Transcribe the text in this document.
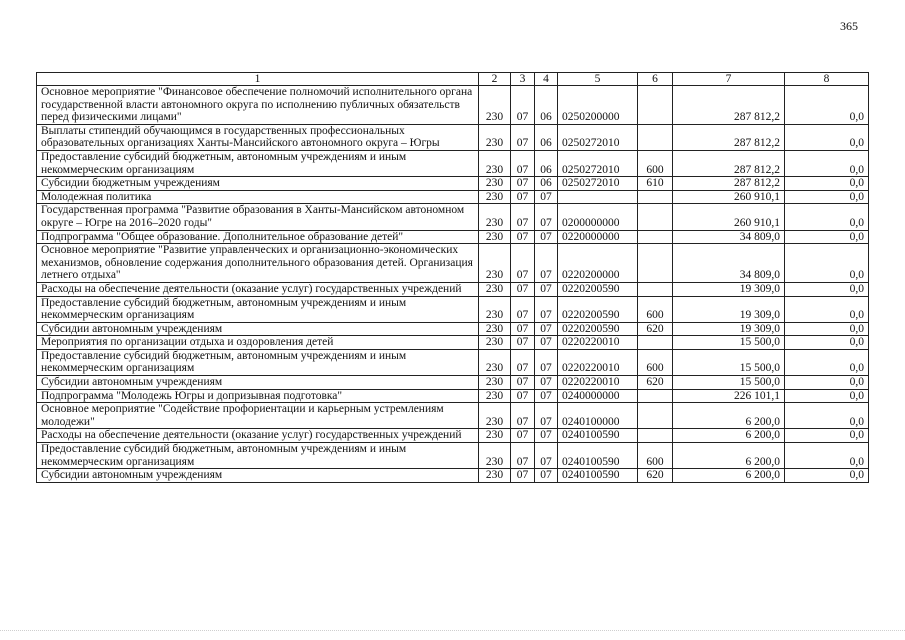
365
1	2	3	4	5	6	7	8
Основное мероприятие "Финансовое обеспечение полномочий исполнительного органа государственной власти автономного округа по исполнению публичных обязательств перед физическими лицами"	230	07	06	0250200000		287 812,2	0,0
Выплаты стипендий обучающимся в государственных профессиональных образовательных организациях Ханты-Мансийского автономного округа – Югры	230	07	06	0250272010		287 812,2	0,0
Предоставление субсидий бюджетным, автономным учреждениям и иным некоммерческим организациям	230	07	06	0250272010	600	287 812,2	0,0
Субсидии бюджетным учреждениям	230	07	06	0250272010	610	287 812,2	0,0
Молодежная политика	230	07	07			260 910,1	0,0
Государственная программа "Развитие образования в Ханты-Мансийском автономном округе – Югре на 2016–2020 годы"	230	07	07	0200000000		260 910,1	0,0
Подпрограмма "Общее образование. Дополнительное образование детей"	230	07	07	0220000000		34 809,0	0,0
Основное мероприятие "Развитие управленческих и организационно-экономических механизмов, обновление содержания дополнительного образования детей. Организация летнего отдыха"	230	07	07	0220200000		34 809,0	0,0
Расходы на обеспечение деятельности (оказание услуг) государственных учреждений	230	07	07	0220200590		19 309,0	0,0
Предоставление субсидий бюджетным, автономным учреждениям и иным некоммерческим организациям	230	07	07	0220200590	600	19 309,0	0,0
Субсидии автономным учреждениям	230	07	07	0220200590	620	19 309,0	0,0
Мероприятия по организации отдыха и оздоровления детей	230	07	07	0220220010		15 500,0	0,0
Предоставление субсидий бюджетным, автономным учреждениям и иным некоммерческим организациям	230	07	07	0220220010	600	15 500,0	0,0
Субсидии автономным учреждениям	230	07	07	0220220010	620	15 500,0	0,0
Подпрограмма "Молодежь Югры и допризывная подготовка"	230	07	07	0240000000		226 101,1	0,0
Основное мероприятие "Содействие профориентации и карьерным устремлениям молодежи"	230	07	07	0240100000		6 200,0	0,0
Расходы на обеспечение деятельности (оказание услуг) государственных учреждений	230	07	07	0240100590		6 200,0	0,0
Предоставление субсидий бюджетным, автономным учреждениям и иным некоммерческим организациям	230	07	07	0240100590	600	6 200,0	0,0
Субсидии автономным учреждениям	230	07	07	0240100590	620	6 200,0	0,0
